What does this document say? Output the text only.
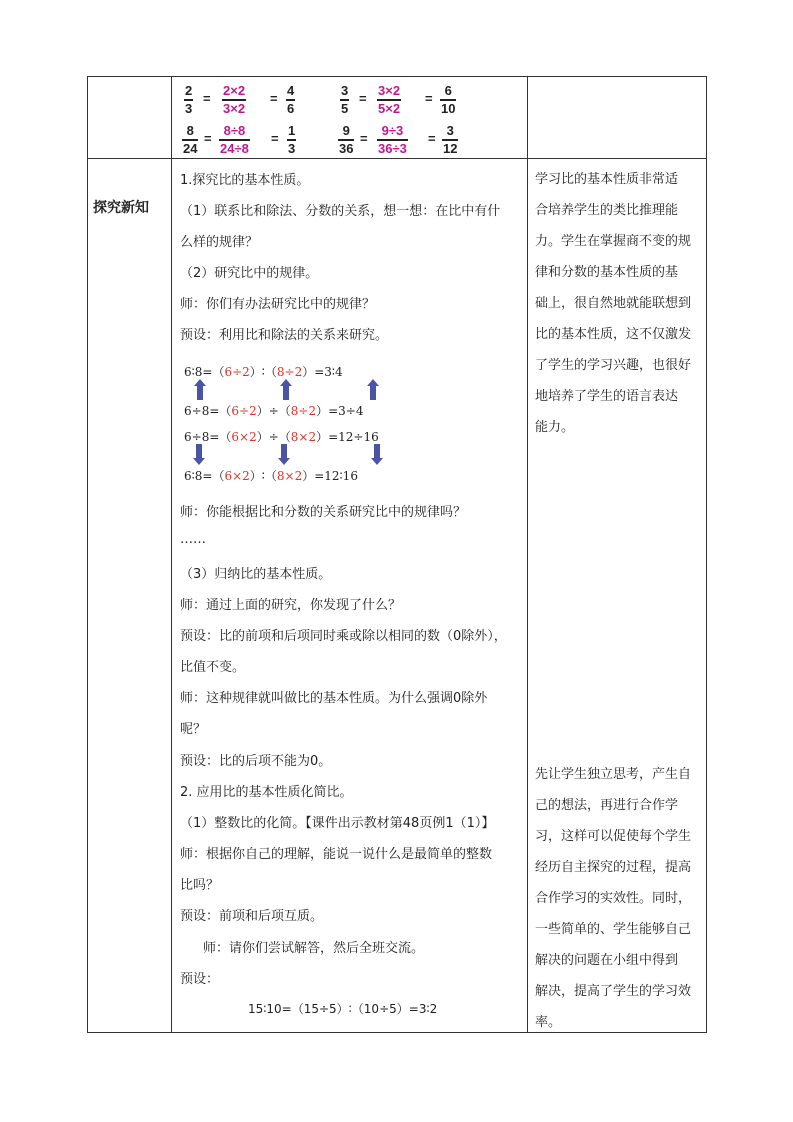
2
3
=
2×2
3×2
=
4
6
3
5
=
3×2
5×2
=
6
10
8
24
=
8÷8
24÷8
=
1
3
9
36
=
9÷3
36÷3
=
3
12
探究新知
1.探究比的基本性质。
（1）联系比和除法、分数的关系，想一想：在比中有什
么样的规律？
（2）研究比中的规律。
师：你们有办法研究比中的规律？
预设：利用比和除法的关系来研究。
6∶8=（6÷2）∶（8÷2）=3∶4
6÷8=（6÷2）÷（8÷2）=3÷4
6÷8=（6×2）÷（8×2）=12÷16
6∶8=（6×2）∶（8×2）=12∶16
师：你能根据比和分数的关系研究比中的规律吗？
……
（3）归纳比的基本性质。
师：通过上面的研究，你发现了什么？
预设：比的前项和后项同时乘或除以相同的数（0除外），
比值不变。
师：这种规律就叫做比的基本性质。为什么强调0除外
呢？
预设：比的后项不能为0。
2. 应用比的基本性质化简比。
（1）整数比的化简。【课件出示教材第48页例1（1）】
师：根据你自己的理解，能说一说什么是最简单的整数
比吗？
预设：前项和后项互质。
师：请你们尝试解答，然后全班交流。
预设：
15∶10=（15÷5）∶（10÷5）=3∶2
学习比的基本性质非常适
合培养学生的类比推理能
力。学生在掌握商不变的规
律和分数的基本性质的基
础上，很自然地就能联想到
比的基本性质，这不仅激发
了学生的学习兴趣，也很好
地培养了学生的语言表达
能力。
先让学生独立思考，产生自
己的想法，再进行合作学
习，这样可以促使每个学生
经历自主探究的过程，提高
合作学习的实效性。同时，
一些简单的、学生能够自己
解决的问题在小组中得到
解决，提高了学生的学习效
率。
